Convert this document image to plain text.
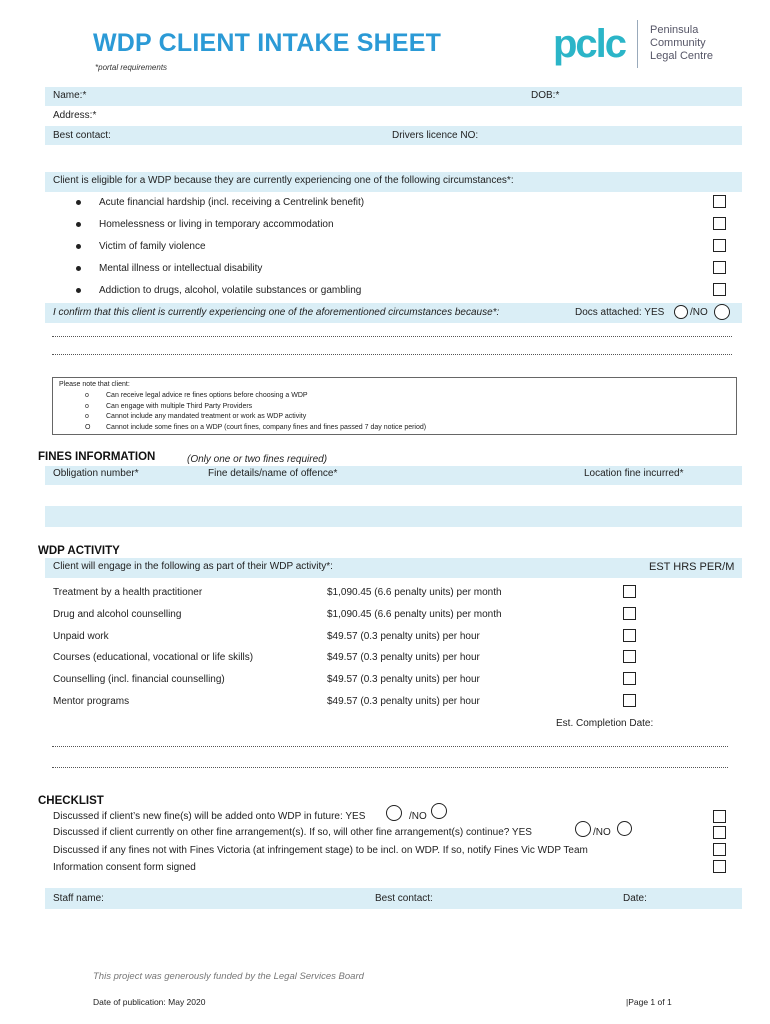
WDP CLIENT INTAKE SHEET
*portal requirements
pclc Peninsula
Community
Legal Centre
Name:*	DOB:*
Address:*
Best contact:	Drivers licence NO:
Client is eligible for a WDP because they are currently experiencing one of the following circumstances*:
Acute financial hardship (incl. receiving a Centrelink benefit)
Homelessness or living in temporary accommodation
Victim of family violence
Mental illness or intellectual disability
Addiction to drugs, alcohol, volatile substances or gambling
I confirm that this client is currently experiencing one of the aforementioned circumstances because*:	Docs attached: YES	/NO
Please note that client:
o Can receive legal advice re fines options before choosing a WDP
o Can engage with multiple Third Party Providers
o Cannot include any mandated treatment or work as WDP activity
O Cannot include some fines on a WDP (court fines, company fines and fines passed 7 day notice period)
FINES INFORMATION	(Only one or two fines required)
Obligation number*	Fine details/name of offence*	Location fine incurred*
WDP ACTIVITY
Client will engage in the following as part of their WDP activity*:	EST HRS PER/M
Treatment by a health practitioner	$1,090.45 (6.6 penalty units) per month
Drug and alcohol counselling	$1,090.45 (6.6 penalty units) per month
Unpaid work	$49.57 (0.3 penalty units) per hour
Courses (educational, vocational or life skills)	$49.57 (0.3 penalty units) per hour
Counselling (incl. financial counselling)	$49.57 (0.3 penalty units) per hour
Mentor programs	$49.57 (0.3 penalty units) per hour
Est. Completion Date:
CHECKLIST
Discussed if client’s new fine(s) will be added onto WDP in future: YES	/NO
Discussed if client currently on other fine arrangement(s). If so, will other fine arrangement(s) continue? YES	/NO
Discussed if any fines not with Fines Victoria (at infringement stage) to be incl. on WDP. If so, notify Fines Vic WDP Team
Information consent form signed
Staff name:	Best contact:	Date:
This project was generously funded by the Legal Services Board
Date of publication: May 2020	|Page 1 of 1
